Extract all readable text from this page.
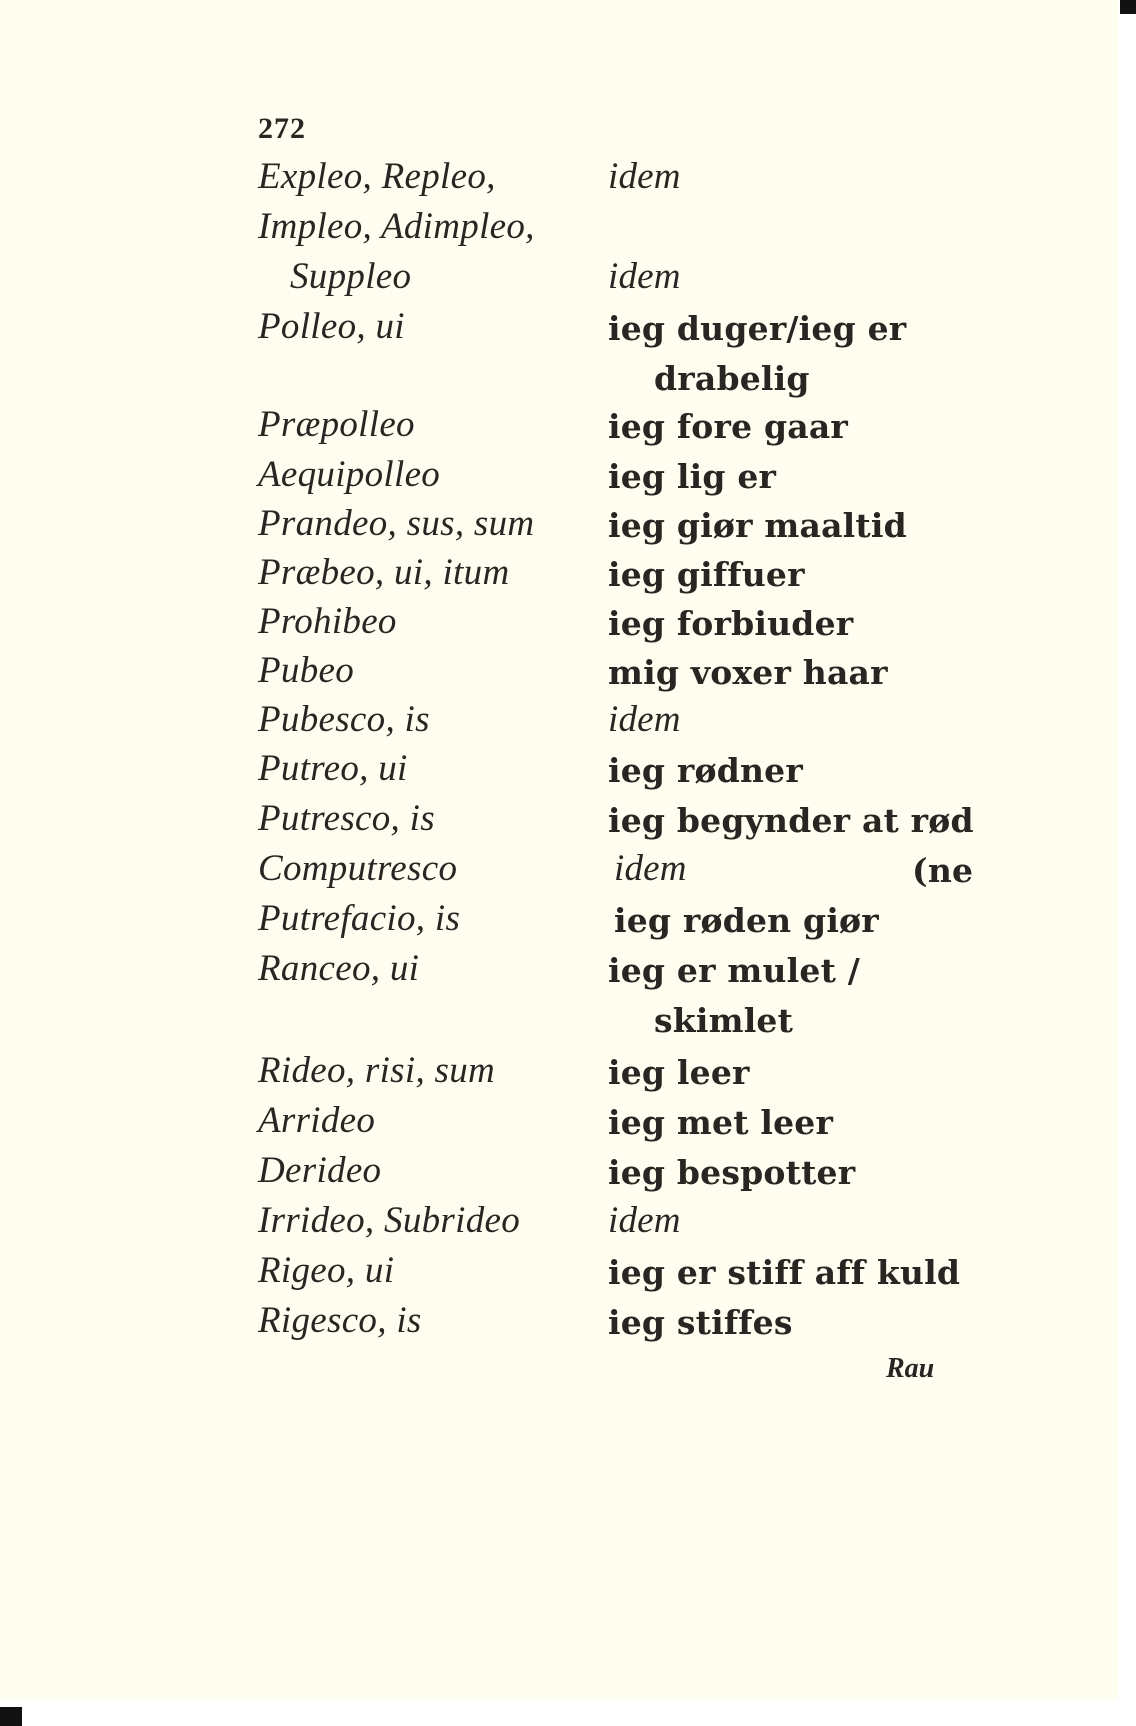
272
Expleo, Repleo,	idem
Impleo, Adimpleo,
Suppleo	idem
Polleo, ui	ieg duger/ieg er
drabelig
Præpolleo	ieg fore gaar
Aequipolleo	ieg lig er
Prandeo, sus, sum ieg giør maaltid
Præbeo, ui, itum	ieg giffuer
Prohibeo	ieg forbiuder
Pubeo	mig voxer haar
Pubesco, is	idem
Putreo, ui	ieg rødner
Putresco, is	ieg begynder at rød
Computresco	idem	(ne
Putrefacio, is	ieg røden giør
Ranceo, ui	ieg er mulet /
skimlet
Rideo, risi, sum	ieg leer
Arrideo	ieg met leer
Derideo	ieg bespotter
Irrideo, Subrideo idem
Rigeo, ui	ieg er stiff aff kuld
Rigesco, is	ieg stiffes
Rau
